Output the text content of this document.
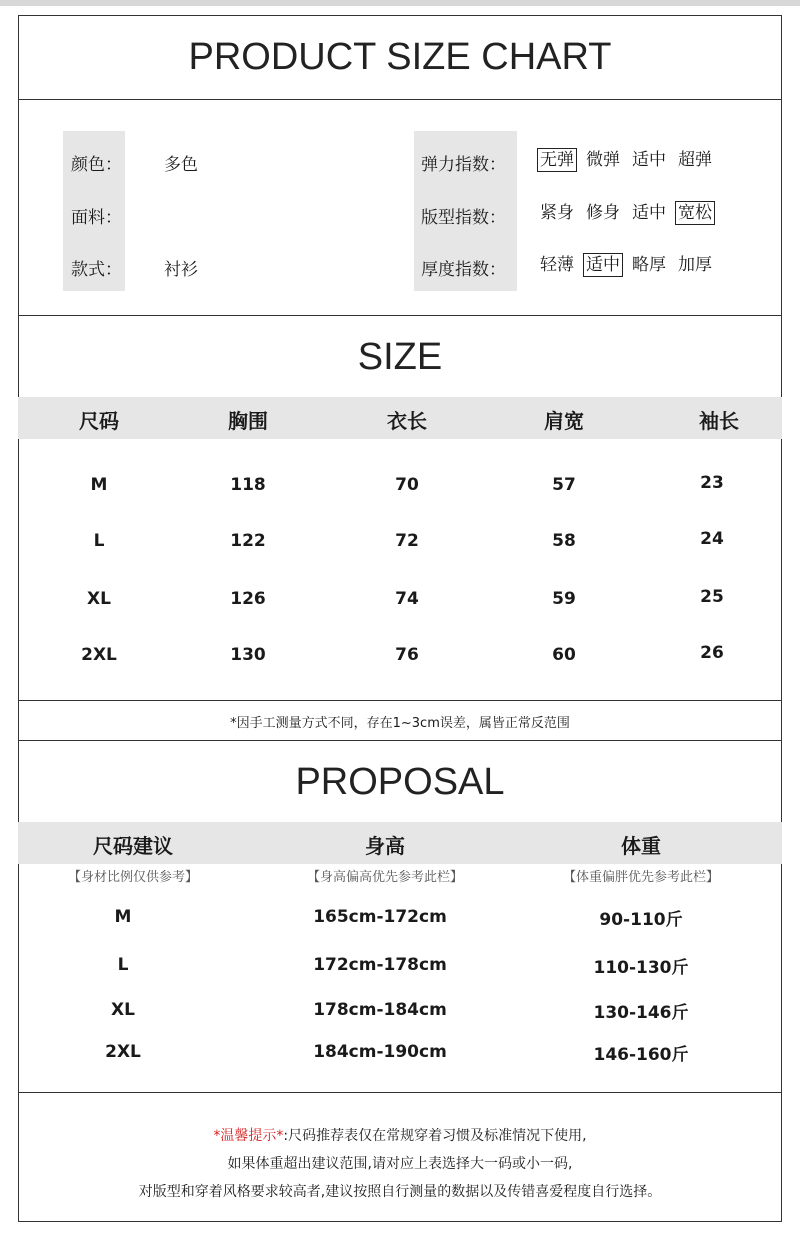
PRODUCT SIZE CHART
颜色： 多色
面料：
款式： 衬衫
弹力指数： 无弹 微弹 适中 超弹
版型指数： 紧身 修身 适中 宽松
厚度指数： 轻薄 适中 略厚 加厚
SIZE
尺码	胸围	衣长	肩宽	袖长
M	118	70	57	23
L	122	72	58	24
XL	126	74	59	25
2XL	130	76	60	26
*因手工测量方式不同，存在1~3cm误差，属皆正常反范围
PROPOSAL
尺码建议	身高	体重
【身材比例仅供参考】	【身高偏高优先参考此栏】	【体重偏胖优先参考此栏】
M	165cm-172cm	90-110斤
L	172cm-178cm	110-130斤
XL	178cm-184cm	130-146斤
2XL	184cm-190cm	146-160斤
*温馨提示*:尺码推荐表仅在常规穿着习惯及标准情况下使用,
如果体重超出建议范围,请对应上表选择大一码或小一码,
对版型和穿着风格要求较高者,建议按照自行测量的数据以及传错喜爱程度自行选择。
